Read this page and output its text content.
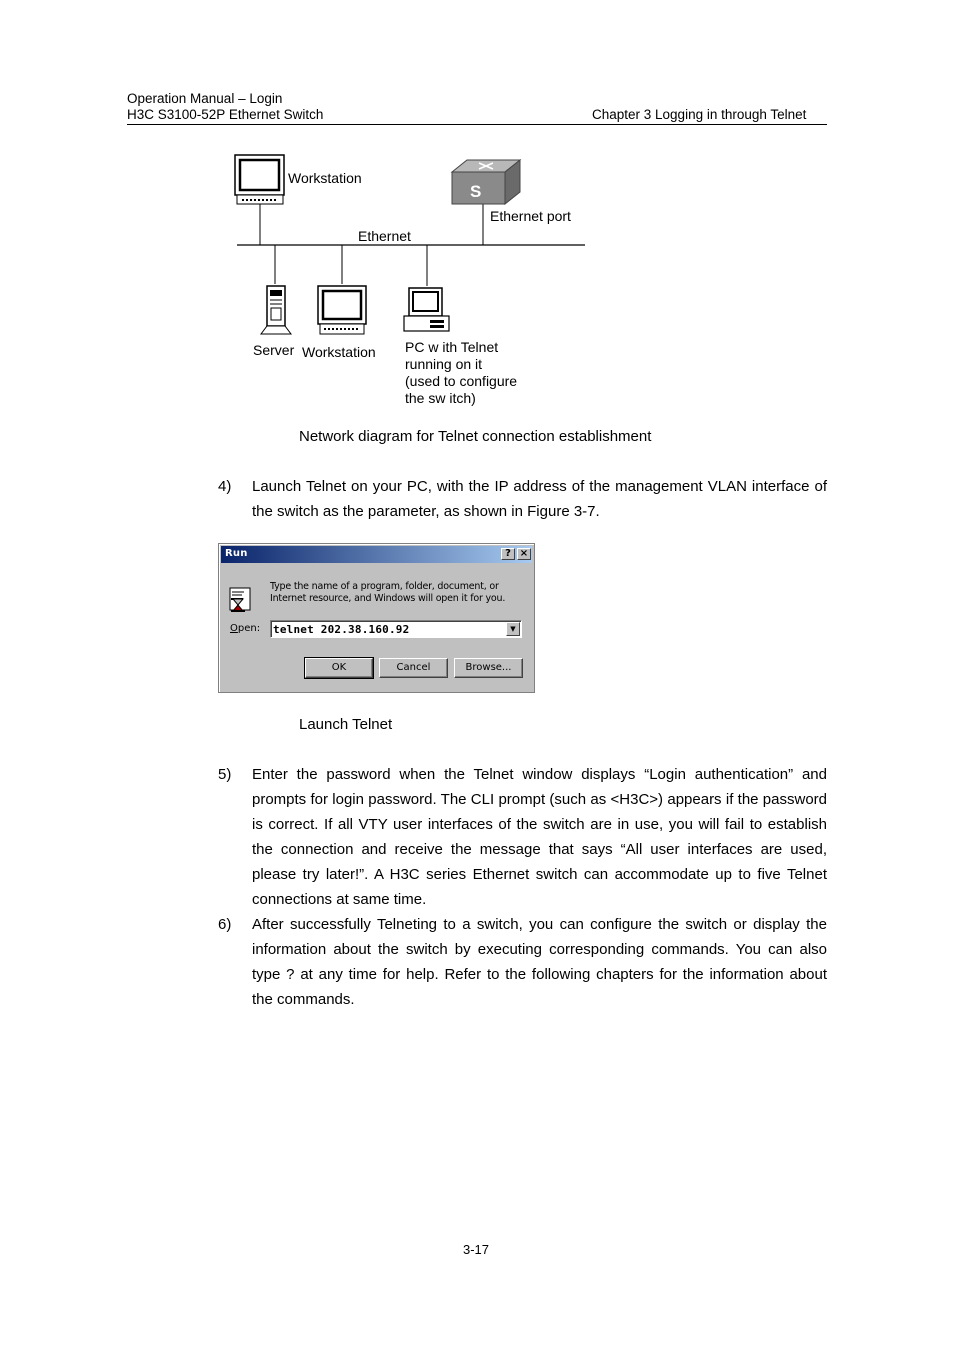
Operation Manual – Login
H3C S3100-52P Ethernet Switch	Chapter 3 Logging in through Telnet
S
Workstation
Ethernet port
Ethernet
Server Workstation PC w ith Telnet
running on it
(used to configure
the sw itch)
Network diagram for Telnet connection establishment
4) Launch Telnet on your PC, with the IP address of the management VLAN interface of the switch as the parameter, as shown in Figure 3-7.
Run	? ×
Type the name of a program, folder, document, or Internet resource, and Windows will open it for you.
Open: telnet 202.38.160.92	▼
OK	Cancel	Browse...
Launch Telnet
5) Enter the password when the Telnet window displays “Login authentication” and prompts for login password. The CLI prompt (such as <H3C>) appears if the password is correct. If all VTY user interfaces of the switch are in use, you will fail to establish the connection and receive the message that says “All user interfaces are used, please try later!”. A H3C series Ethernet switch can accommodate up to five Telnet connections at same time.
6) After successfully Telneting to a switch, you can configure the switch or display the information about the switch by executing corresponding commands. You can also type ? at any time for help. Refer to the following chapters for the information about the commands.
3-17
